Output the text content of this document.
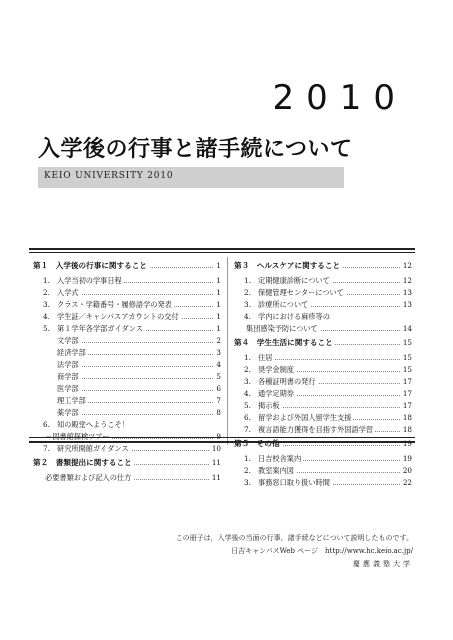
2010
入学後の行事と諸手続について
KEIO UNIVERSITY 2010
第１　入学後の行事に関すること	1
1.　入学当初の学事日程	1
2.　入学式	1
3.　クラス・学籍番号・履修語学の発表	1
4.　学生証／キャンパスアカウントの交付	1
5.　第１学年各学部ガイダンス	1
文学部	2
経済学部	3
法学部	4
商学部	5
医学部	6
理工学部	7
薬学部	8
6.　知の殿堂へようこそ！
－図書館探検ツアー	9
7.　研究所開館ガイダンス	10
第２　書類提出に関すること	11
必要書類および記入の仕方	11
第３　ヘルスケアに関すること	12
1.　定期健康診断について	12
2.　保健管理センターについて	13
3.　診療所について	13
4.　学内における麻疹等の
集団感染予防について	14
第４　学生生活に関すること	15
1.　住居	15
2.　奨学金制度	15
3.　各種証明書の発行	17
4.　通学定期券	17
5.　掲示板	17
6.　留学および外国人留学生支援	18
7.　複言語能力獲得を目指す外国語学習	18
第５　その他	19
1.　日吉校舎案内	19
2.　教室案内図	20
3.　事務窓口取り扱い時間	22
この冊子は，入学後の当面の行事，諸手続などについて説明したものです。
日吉キャンパスWeb ページ　http://www.hc.keio.ac.jp/
慶應義塾大学
